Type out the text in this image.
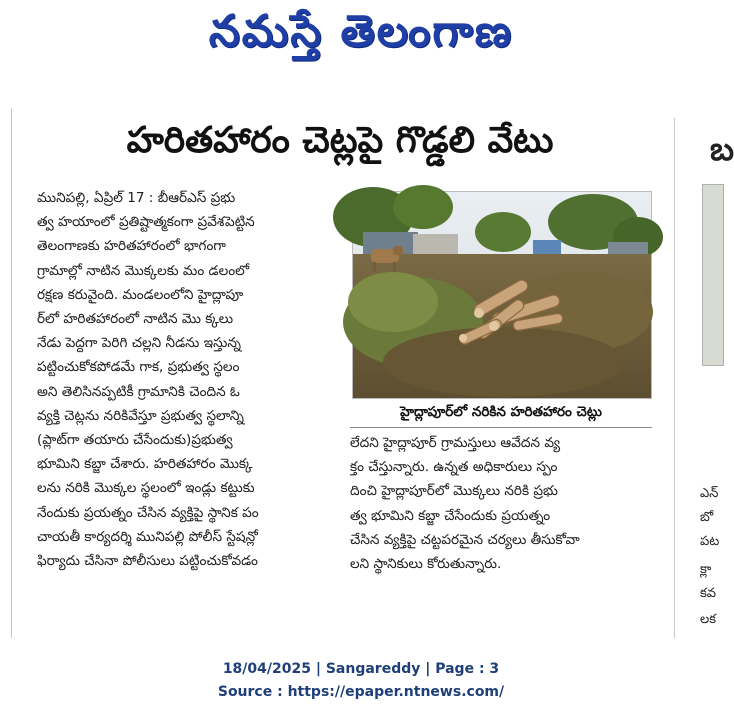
నమస్తే తెలంగాణ
హరితహారం చెట్లపై గొడ్డలి వేటు
మునిపల్లి, ఏప్రిల్ 17 : బీఆర్ఎస్ ప్రభు
త్వ హయాంలో ప్రతిష్టాత్మకంగా ప్రవేశపెట్టిన
తెలంగాణకు హరితహారంలో భాగంగా
గ్రామాల్లో నాటిన మొక్కలకు మం డలంలో
రక్షణ కరువైంది. మండలంలోని హైద్లాపూ
ర్‌లో హరితహారంలో నాటిన మొ క్కలు
నేడు పెద్దగా పెరిగి చల్లని నీడను ఇస్తున్న
పట్టించుకోకపోడమే గాక, ప్రభుత్వ స్థలం
అని తెలిసినప్పటికీ గ్రామానికి చెందిన ఓ
వ్యక్తి చెట్లను నరికివేస్తూ ప్రభుత్వ స్థలాన్ని
(ప్లాట్‌గా తయారు చేసేందుకు)ప్రభుత్వ
భూమిని కబ్జా చేశారు. హరితహారం మొక్క
లను నరికి మొక్కల స్థలంలో ఇండ్లు కట్టుకు
నేందుకు ప్రయత్నం చేసిన వ్యక్తిపై స్థానిక పం
చాయతీ కార్యదర్శి మునిపల్లి పోలీస్ స్టేషన్లో
ఫిర్యాదు చేసినా పోలీసులు పట్టించుకోవడం
హైద్లాపూర్‌లో నరికిన హరితహారం చెట్లు
లేదని హైద్లాపూర్ గ్రామస్తులు ఆవేదన వ్య
క్తం చేస్తున్నారు. ఉన్నత అధికారులు స్పం
దించి హైద్లాపూర్‌లో మొక్కలు నరికి ప్రభు
త్వ భూమిని కబ్జా చేసేందుకు ప్రయత్నం
చేసిన వ్యక్తిపై చట్టపరమైన చర్యలు తీసుకోవా
లని స్థానికులు కోరుతున్నారు.
బ
ఎన్
బో
పట
క్లా
కవ
లక
18/04/2025 | Sangareddy | Page : 3
Source : https://epaper.ntnews.com/
